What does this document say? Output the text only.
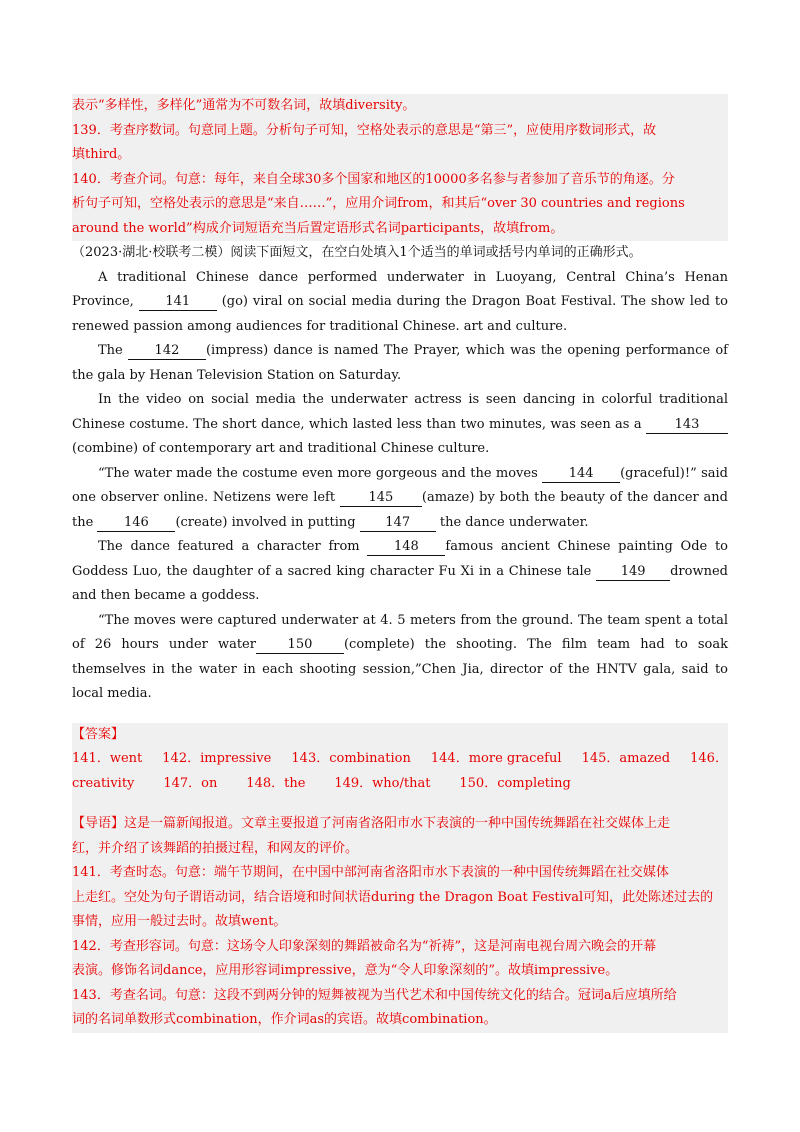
表示“多样性，多样化”通常为不可数名词，故填diversity。
139．考查序数词。句意同上题。分析句子可知，空格处表示的意思是“第三”，应使用序数词形式，故
填third。
140．考查介词。句意：每年，来自全球30多个国家和地区的10000多名参与者参加了音乐节的角逐。分
析句子可知，空格处表示的意思是“来自……”，应用介词from，和其后“over 30 countries and regions
around the world”构成介词短语充当后置定语形式名词participants，故填from。
（2023·湖北·校联考二模）阅读下面短文，在空白处填入1个适当的单词或括号内单词的正确形式。
A traditional Chinese dance performed underwater in Luoyang, Central China’s Henan Province, 141 (go) viral on social media during the Dragon Boat Festival. The show led to renewed passion among audiences for traditional Chinese. art and culture.
The 142 (impress) dance is named The Prayer, which was the opening performance of the gala by Henan Television Station on Saturday.
In the video on social media the underwater actress is seen dancing in colorful traditional Chinese costume. The short dance, which lasted less than two minutes, was seen as a	143(combine) of contemporary art and traditional Chinese culture.
“The water made the costume even more gorgeous and the moves 144 (graceful)!” said one observer online. Netizens were left	145 (amaze) by both the beauty of the dancer and the 146 (create) involved in putting 147 the dance underwater.
The dance featured a character from	148 famous ancient Chinese painting Ode to Goddess Luo, the daughter of a sacred king character Fu Xi in a Chinese tale 149 drowned and then became a goddess.
“The moves were captured underwater at 4. 5 meters from the ground. The team spent a total of 26 hours under water 150 (complete) the shooting. The film team had to soak themselves in the water in each shooting session,”Chen Jia, director of the HNTV gala, said to local media.
【答案】
141．went 142．impressive 143．combination 144．more graceful 145．amazed 146．
creativity 147．on 148．the 149．who/that 150．completing
【导语】这是一篇新闻报道。文章主要报道了河南省洛阳市水下表演的一种中国传统舞蹈在社交媒体上走
红，并介绍了该舞蹈的拍摄过程，和网友的评价。
141．考查时态。句意：端午节期间，在中国中部河南省洛阳市水下表演的一种中国传统舞蹈在社交媒体
上走红。空处为句子谓语动词，结合语境和时间状语during the Dragon Boat Festival可知，此处陈述过去的
事情，应用一般过去时。故填went。
142．考查形容词。句意：这场令人印象深刻的舞蹈被命名为“祈祷”，这是河南电视台周六晚会的开幕
表演。修饰名词dance，应用形容词impressive，意为“令人印象深刻的”。故填impressive。
143．考查名词。句意：这段不到两分钟的短舞被视为当代艺术和中国传统文化的结合。冠词a后应填所给
词的名词单数形式combination，作介词as的宾语。故填combination。
